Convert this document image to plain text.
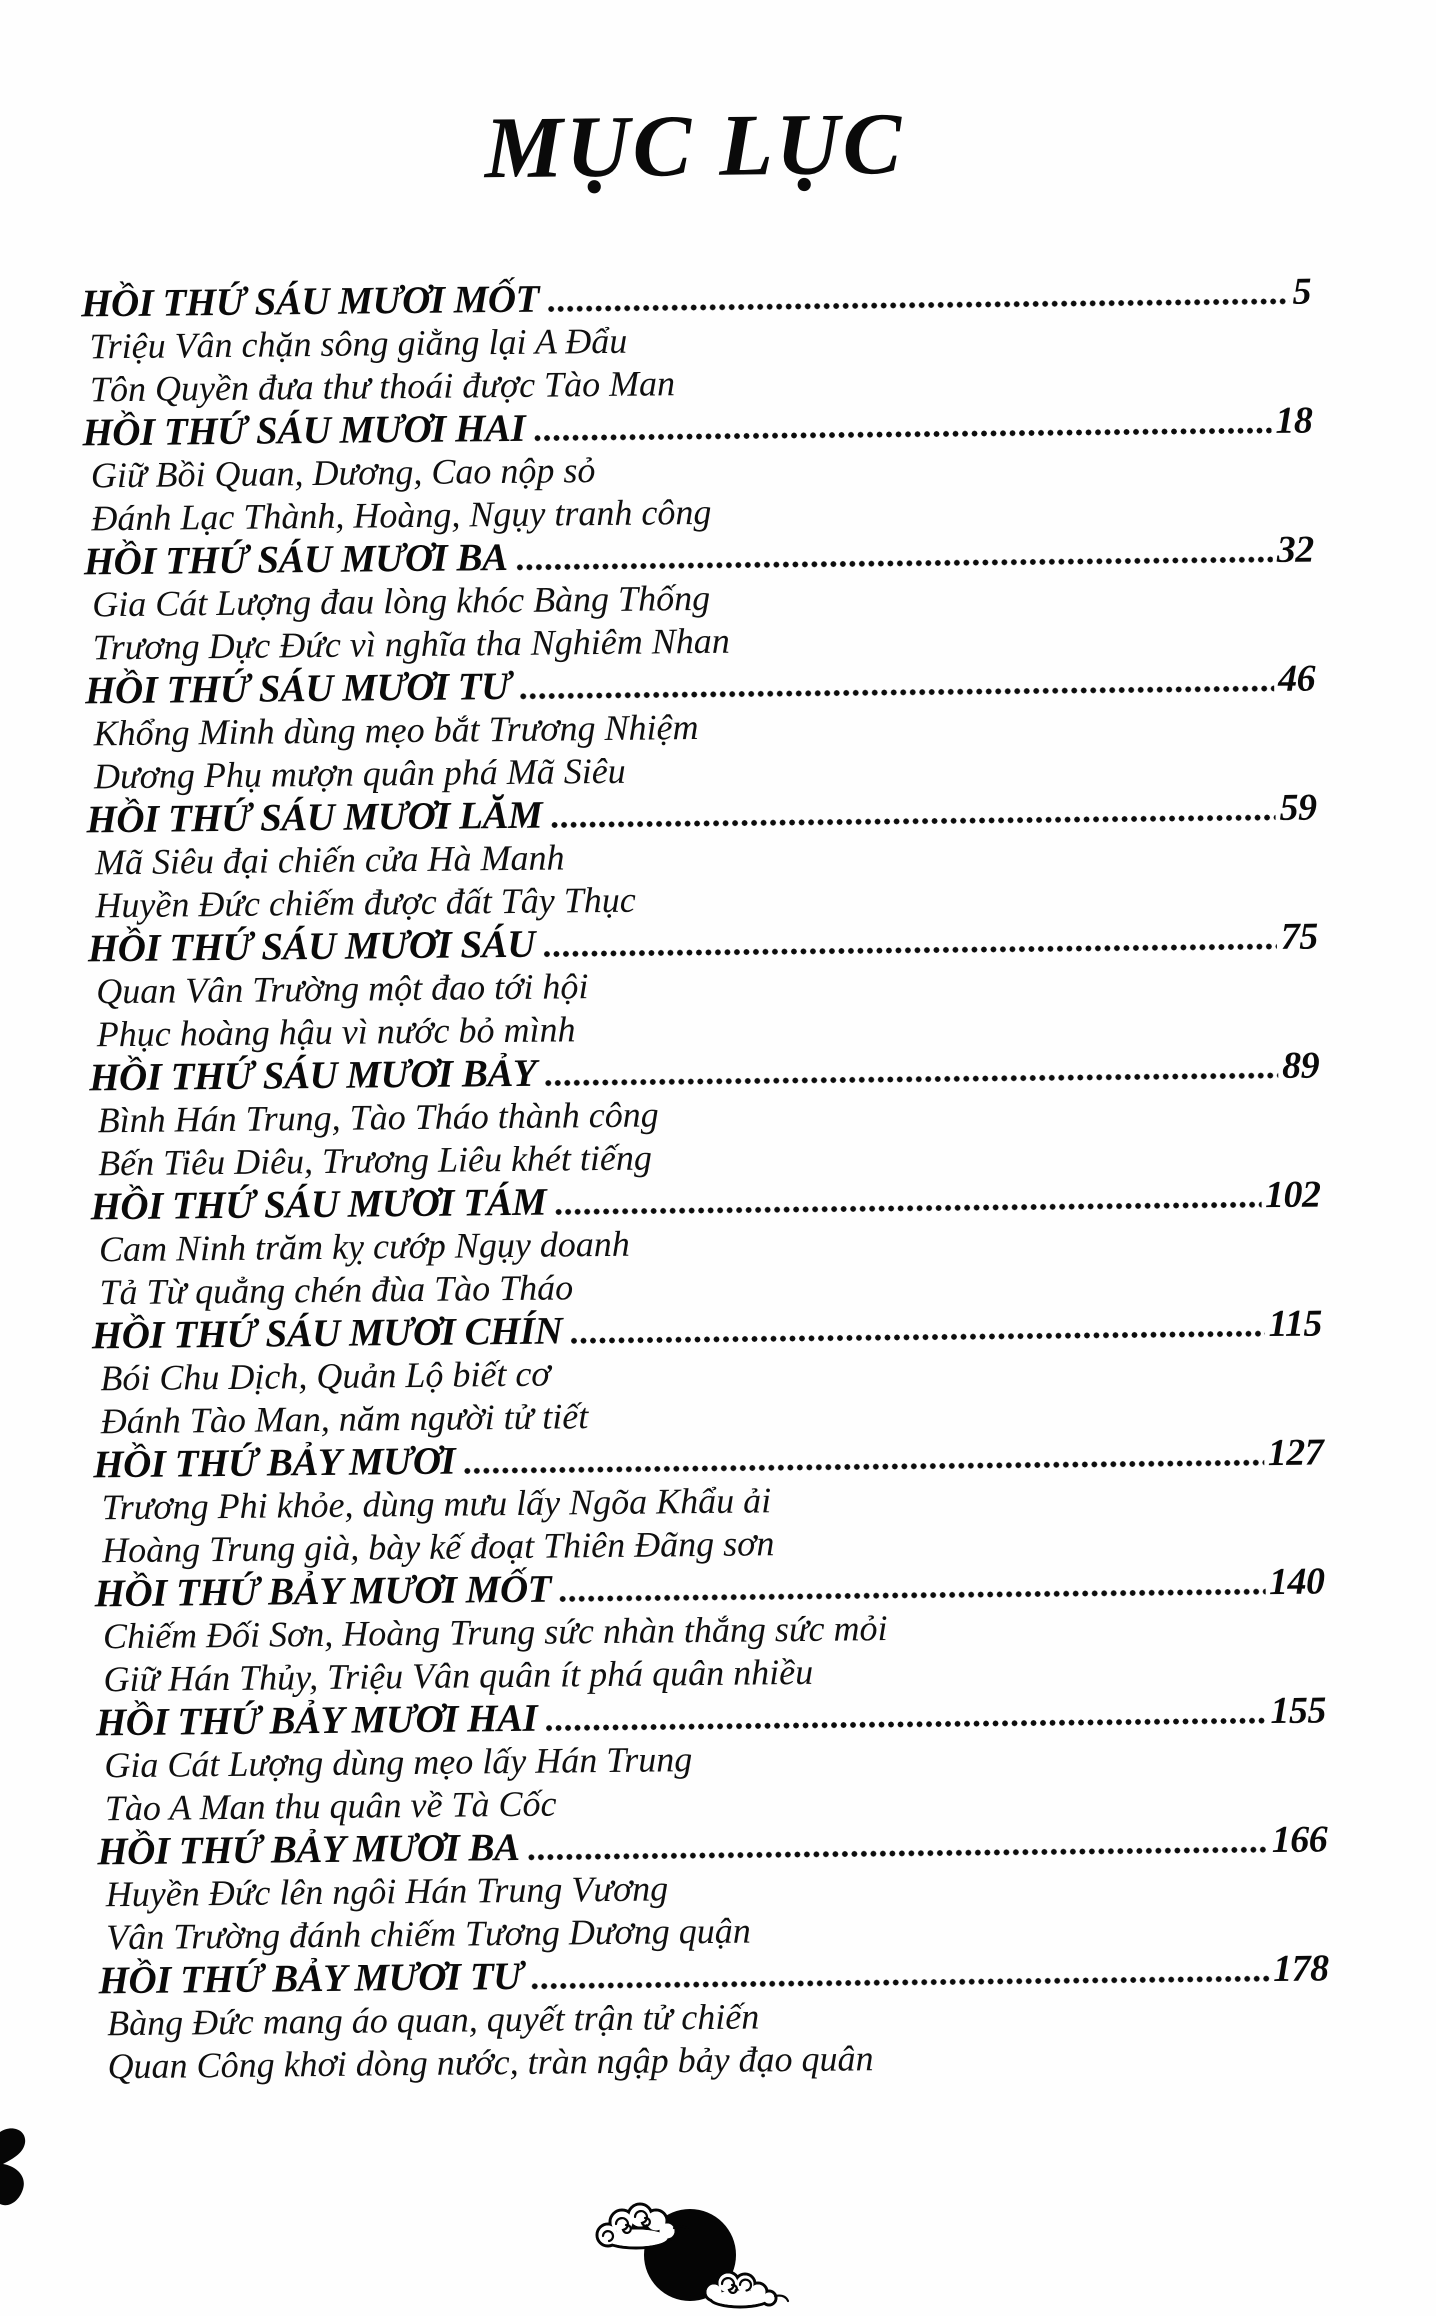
MỤC LỤC
HỒI THỨ SÁU MƯƠI MỐT	5
Triệu Vân chặn sông giằng lại A Đẩu
Tôn Quyền đưa thư thoái được Tào Man
HỒI THỨ SÁU MƯƠI HAI	18
Giữ Bồi Quan, Dương, Cao nộp sỏ
Đánh Lạc Thành, Hoàng, Ngụy tranh công
HỒI THỨ SÁU MƯƠI BA	32
Gia Cát Lượng đau lòng khóc Bàng Thống
Trương Dực Đức vì nghĩa tha Nghiêm Nhan
HỒI THỨ SÁU MƯƠI TƯ	46
Khổng Minh dùng mẹo bắt Trương Nhiệm
Dương Phụ mượn quân phá Mã Siêu
HỒI THỨ SÁU MƯƠI LĂM	59
Mã Siêu đại chiến cửa Hà Manh
Huyền Đức chiếm được đất Tây Thục
HỒI THỨ SÁU MƯƠI SÁU	75
Quan Vân Trường một đao tới hội
Phục hoàng hậu vì nước bỏ mình
HỒI THỨ SÁU MƯƠI BẢY	89
Bình Hán Trung, Tào Tháo thành công
Bến Tiêu Diêu, Trương Liêu khét tiếng
HỒI THỨ SÁU MƯƠI TÁM	102
Cam Ninh trăm kỵ cướp Ngụy doanh
Tả Từ quẳng chén đùa Tào Tháo
HỒI THỨ SÁU MƯƠI CHÍN	115
Bói Chu Dịch, Quản Lộ biết cơ
Đánh Tào Man, năm người tử tiết
HỒI THỨ BẢY MƯƠI	127
Trương Phi khỏe, dùng mưu lấy Ngõa Khẩu ải
Hoàng Trung già, bày kế đoạt Thiên Đãng sơn
HỒI THỨ BẢY MƯƠI MỐT	140
Chiếm Đối Sơn, Hoàng Trung sức nhàn thắng sức mỏi
Giữ Hán Thủy, Triệu Vân quân ít phá quân nhiều
HỒI THỨ BẢY MƯƠI HAI	155
Gia Cát Lượng dùng mẹo lấy Hán Trung
Tào A Man thu quân về Tà Cốc
HỒI THỨ BẢY MƯƠI BA	166
Huyền Đức lên ngôi Hán Trung Vương
Vân Trường đánh chiếm Tương Dương quận
HỒI THỨ BẢY MƯƠI TƯ	178
Bàng Đức mang áo quan, quyết trận tử chiến
Quan Công khơi dòng nước, tràn ngập bảy đạo quân
